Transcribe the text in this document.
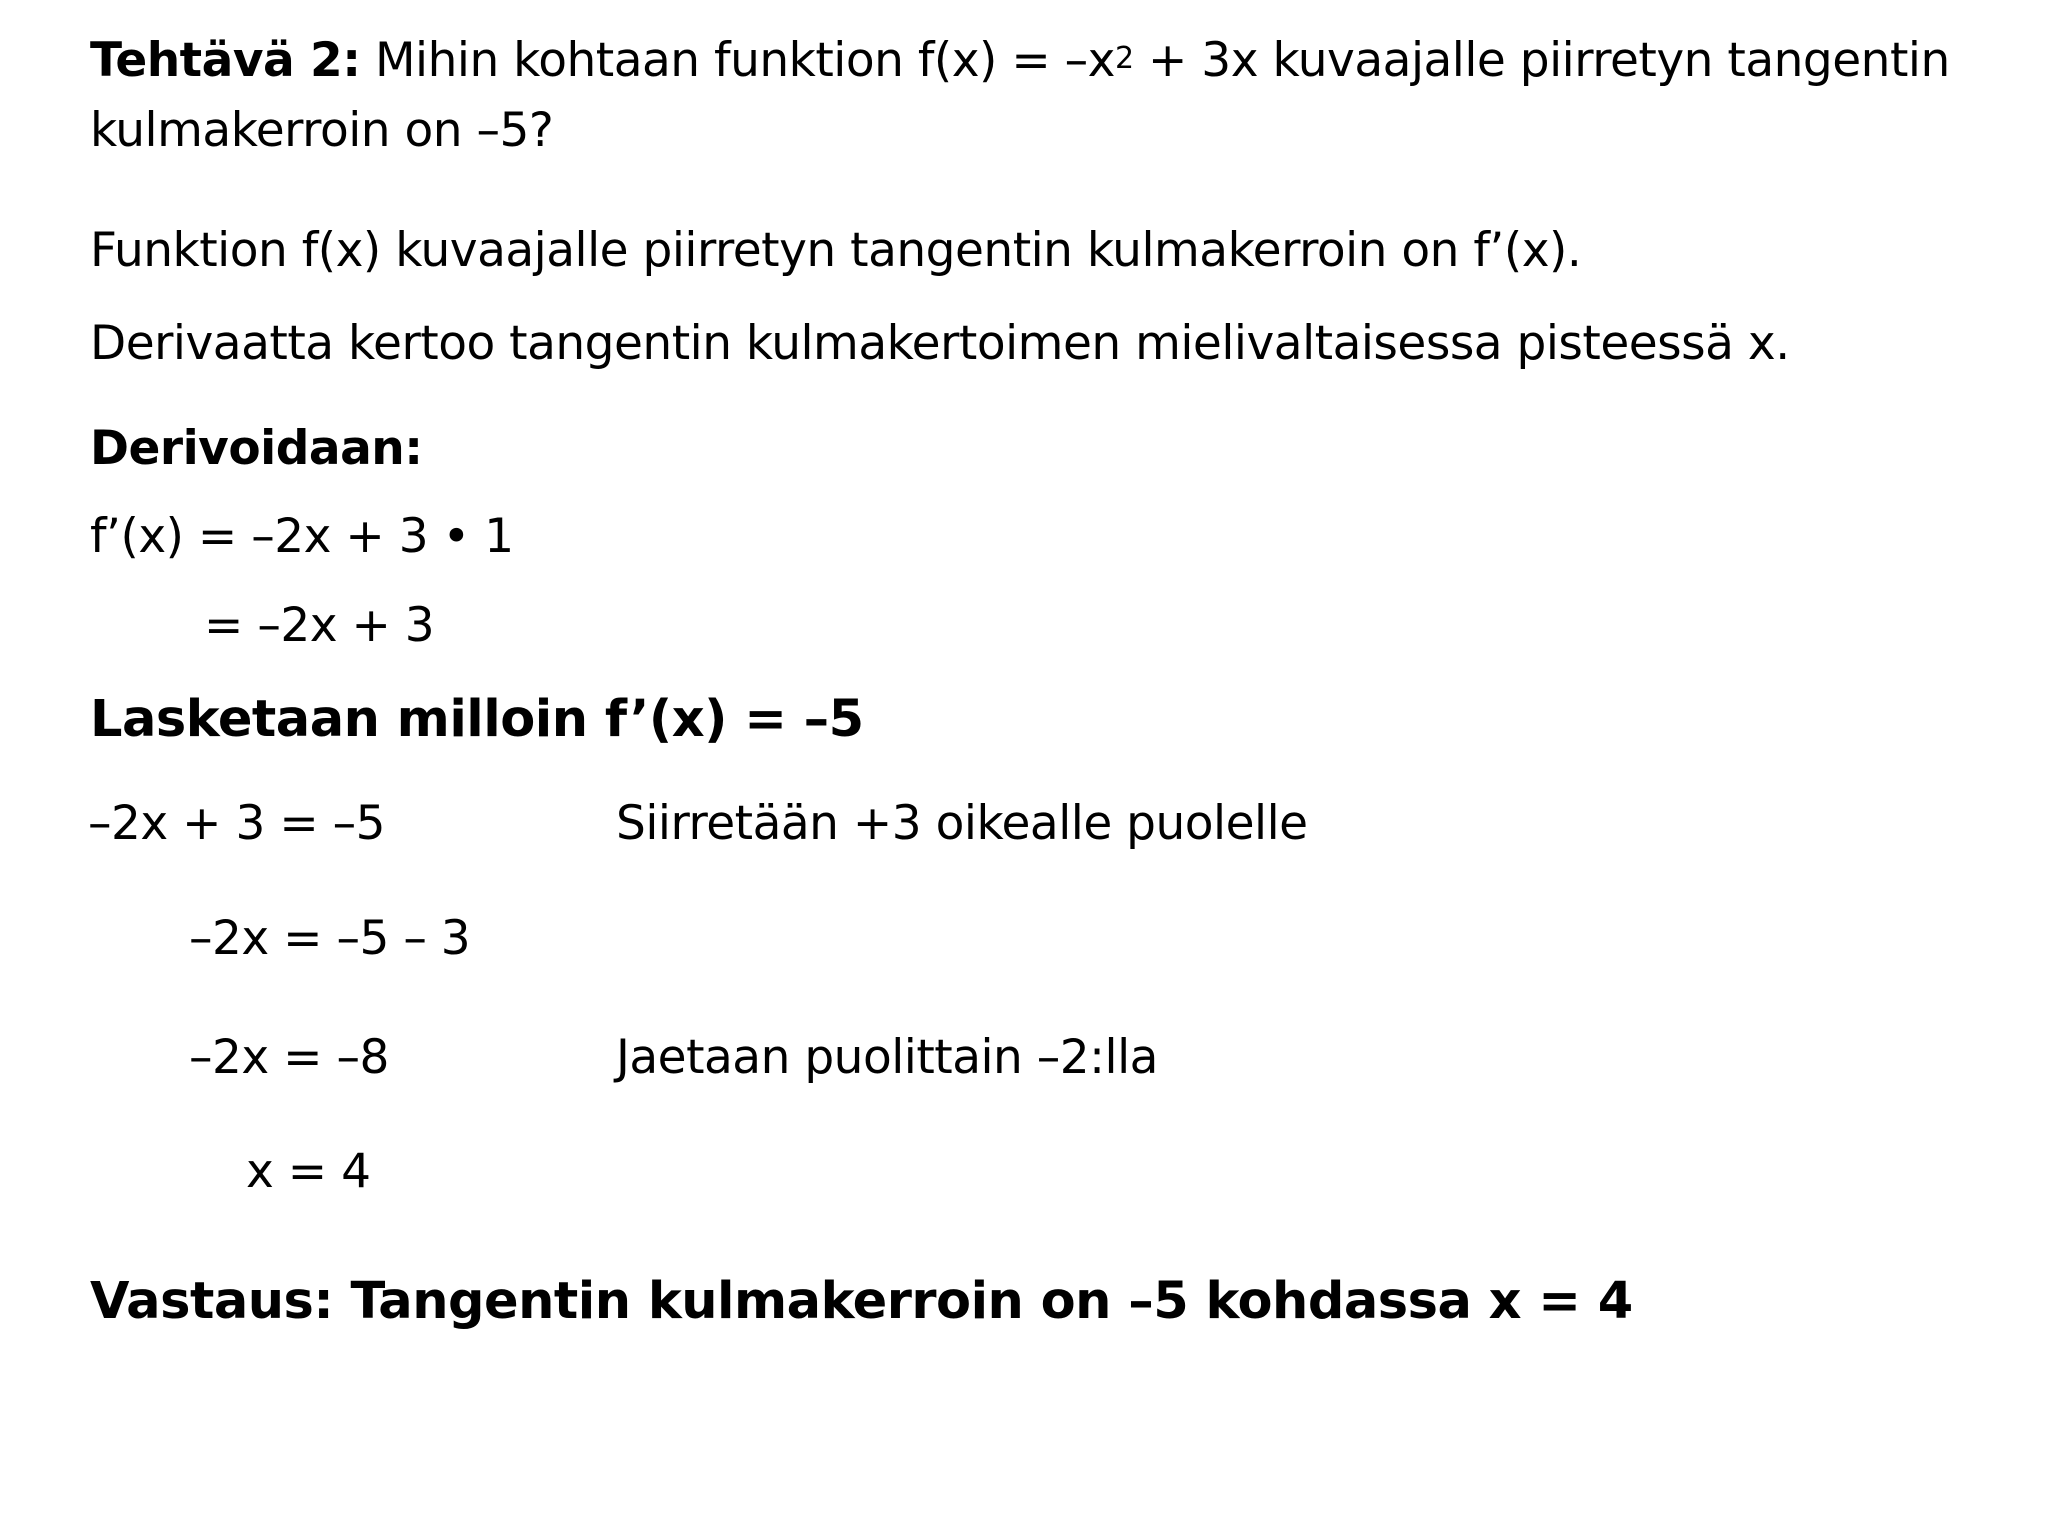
Tehtävä 2: Mihin kohtaan funktion $f(x) = -x^2 + 3x$ kuvaajalle piirretyn tangentin
kulmakerroin on –5?
Funktion f(x) kuvaajalle piirretyn tangentin kulmakerroin on f’(x).
Derivaatta kertoo tangentin kulmakertoimen mielivaltaisessa pisteessä x.
Derivoidaan:
f’(x) = –2x + 3 • 1
= –2x + 3
Lasketaan milloin f’(x) = –5
–2x + 3 = –5	Siirretään +3 oikealle puolelle
–2x = –5 – 3
–2x = –8	Jaetaan puolittain –2:lla
x = 4
Vastaus: Tangentin kulmakerroin on –5 kohdassa x = 4
